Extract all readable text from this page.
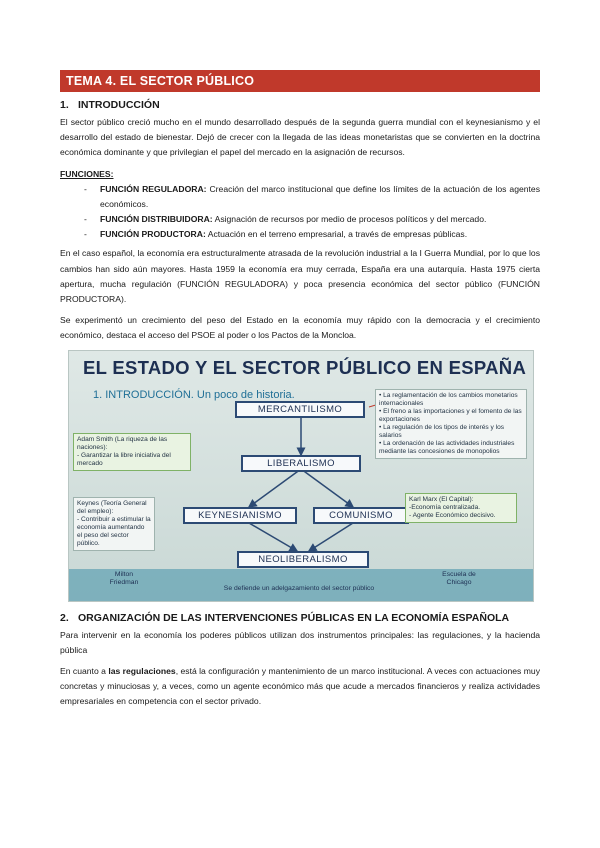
TEMA 4. EL SECTOR PÚBLICO
1. INTRODUCCIÓN

El sector público creció mucho en el mundo desarrollado después de la segunda guerra mundial con el keynesianismo y el desarrollo del estado de bienestar. Dejó de crecer con la llegada de las ideas monetaristas que se convierten en la doctrina económica dominante y que privilegian el papel del mercado en la asignación de recursos.

FUNCIONES:
- FUNCIÓN REGULADORA: Creación del marco institucional que define los límites de la actuación de los agentes económicos.
- FUNCIÓN DISTRIBUIDORA: Asignación de recursos por medio de procesos políticos y del mercado.
- FUNCIÓN PRODUCTORA: Actuación en el terreno empresarial, a través de empresas públicas.

En el caso español, la economía era estructuralmente atrasada de la revolución industrial a la I Guerra Mundial, por lo que los cambios han sido aún mayores. Hasta 1959 la economía era muy cerrada, España era una autarquía. Hasta 1975 cierta apertura, mucha regulación (FUNCIÓN REGULADORA) y poca presencia económica del sector público (FUNCIÓN PRODUCTORA).

Se experimentó un crecimiento del peso del Estado en la economía muy rápido con la democracia y el crecimiento económico, destaca el acceso del PSOE al poder o los Pactos de la Moncloa.

EL ESTADO Y EL SECTOR PÚBLICO EN ESPAÑA
1. INTRODUCCIÓN. Un poco de historia.
MERCANTILISMO
LIBERALISMO
KEYNESIANISMO	COMUNISMO
NEOLIBERALISMO
• La reglamentación de los cambios monetarios internacionales
• El freno a las importaciones y el fomento de las exportaciones
• La regulación de los tipos de interés y los salarios
• La ordenación de las actividades industriales mediante las concesiones de monopolios
Adam Smith (La riqueza de las naciones):
- Garantizar la libre iniciativa del mercado
Keynes (Teoría General del empleo):
- Contribuir a estimular la economía aumentando el peso del sector público.
Karl Marx (El Capital):
-Economía centralizada.
- Agente Económico decisivo.
Milton
Friedman
Escuela de
Chicago
Se defiende un adelgazamiento del sector público
2. ORGANIZACIÓN DE LAS INTERVENCIONES PÚBLICAS EN LA ECONOMÍA ESPAÑOLA

Para intervenir en la economía los poderes públicos utilizan dos instrumentos principales: las regulaciones, y la hacienda pública

En cuanto a las regulaciones, está la configuración y mantenimiento de un marco institucional. A veces con actuaciones muy concretas y minuciosas y, a veces, como un agente económico más que acude a mercados financieros y realiza actividades empresariales en competencia con el sector privado.
